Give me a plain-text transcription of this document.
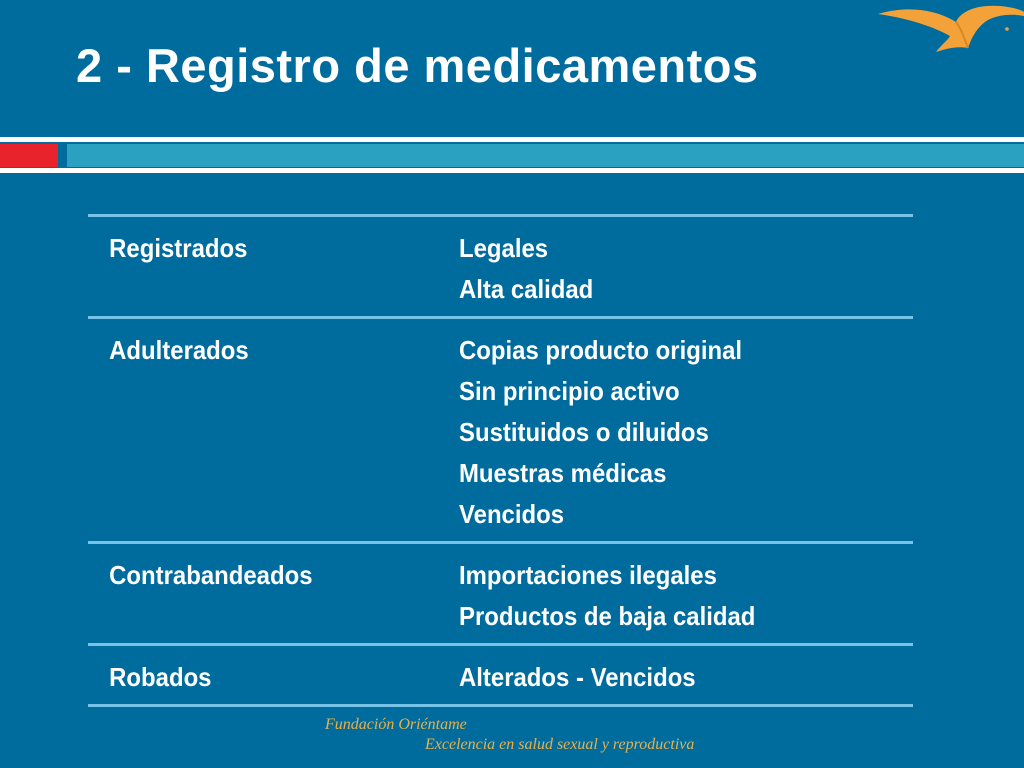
2 - Registro de medicamentos
Registrados	Legales
Alta calidad
Adulterados	Copias producto original
Sin principio activo
Sustituidos o diluidos
Muestras médicas
Vencidos
Contrabandeados	Importaciones ilegales
Productos de baja calidad
Robados	Alterados - Vencidos
Fundación Oriéntame
Excelencia en salud sexual y reproductiva
